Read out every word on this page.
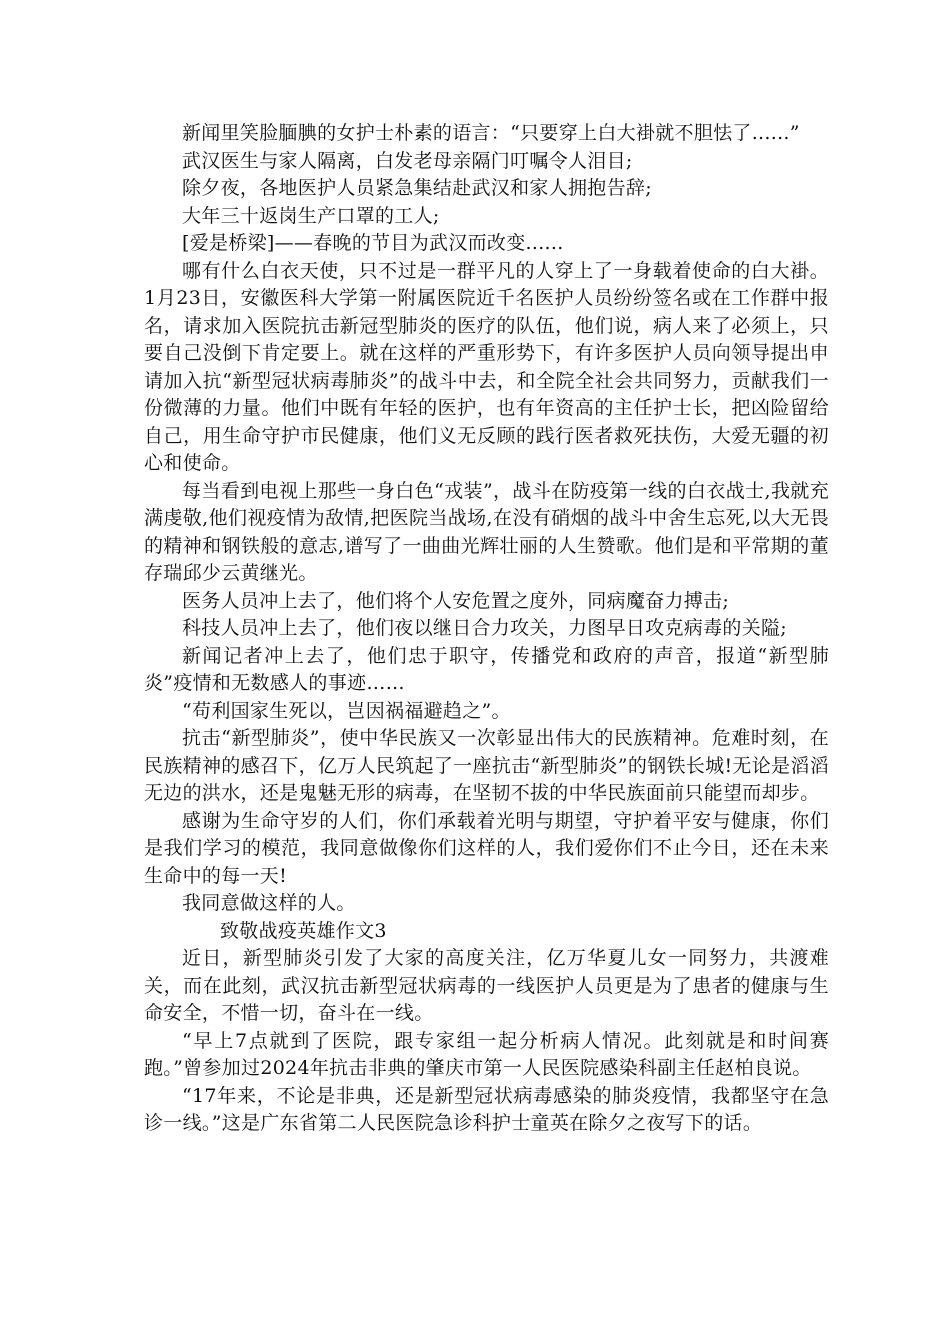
新闻里笑脸腼腆的女护士朴素的语言：“只要穿上白大褂就不胆怯了......”

武汉医生与家人隔离，白发老母亲隔门叮嘱令人泪目;

除夕夜，各地医护人员紧急集结赴武汉和家人拥抱告辞;

大年三十返岗生产口罩的工人;

[爱是桥梁]——春晚的节目为武汉而改变......

哪有什么白衣天使，只不过是一群平凡的人穿上了一身载着使命的白大褂。1月23日，安徽医科大学第一附属医院近千名医护人员纷纷签名或在工作群中报名，请求加入医院抗击新冠型肺炎的医疗的队伍，他们说，病人来了必须上，只要自己没倒下肯定要上。就在这样的严重形势下，有许多医护人员向领导提出申请加入抗“新型冠状病毒肺炎”的战斗中去，和全院全社会共同努力，贡献我们一份微薄的力量。他们中既有年轻的医护，也有年资高的主任护士长，把凶险留给自己，用生命守护市民健康，他们义无反顾的践行医者救死扶伤，大爱无疆的初心和使命。

每当看到电视上那些一身白色“戎装”，战斗在防疫第一线的白衣战士,我就充满虔敬,他们视疫情为敌情,把医院当战场,在没有硝烟的战斗中舍生忘死,以大无畏的精神和钢铁般的意志,谱写了一曲曲光辉壮丽的人生赞歌。他们是和平常期的董存瑞邱少云黄继光。

医务人员冲上去了，他们将个人安危置之度外，同病魔奋力搏击;

科技人员冲上去了，他们夜以继日合力攻关，力图早日攻克病毒的关隘;

新闻记者冲上去了，他们忠于职守，传播党和政府的声音，报道“新型肺炎”疫情和无数感人的事迹……

“苟利国家生死以，岂因祸福避趋之”。

抗击“新型肺炎”，使中华民族又一次彰显出伟大的民族精神。危难时刻，在民族精神的感召下，亿万人民筑起了一座抗击“新型肺炎”的钢铁长城!无论是滔滔无边的洪水，还是鬼魅无形的病毒，在坚韧不拔的中华民族面前只能望而却步。

感谢为生命守岁的人们，你们承载着光明与期望，守护着平安与健康，你们是我们学习的模范，我同意做像你们这样的人，我们爱你们不止今日，还在未来生命中的每一天!

我同意做这样的人。

致敬战疫英雄作文3

近日，新型肺炎引发了大家的高度关注，亿万华夏儿女一同努力，共渡难关，而在此刻，武汉抗击新型冠状病毒的一线医护人员更是为了患者的健康与生命安全，不惜一切，奋斗在一线。

“早上7点就到了医院，跟专家组一起分析病人情况。此刻就是和时间赛跑。”曾参加过2024年抗击非典的肇庆市第一人民医院感染科副主任赵柏良说。

“17年来，不论是非典，还是新型冠状病毒感染的肺炎疫情，我都坚守在急诊一线。”这是广东省第二人民医院急诊科护士童英在除夕之夜写下的话。
